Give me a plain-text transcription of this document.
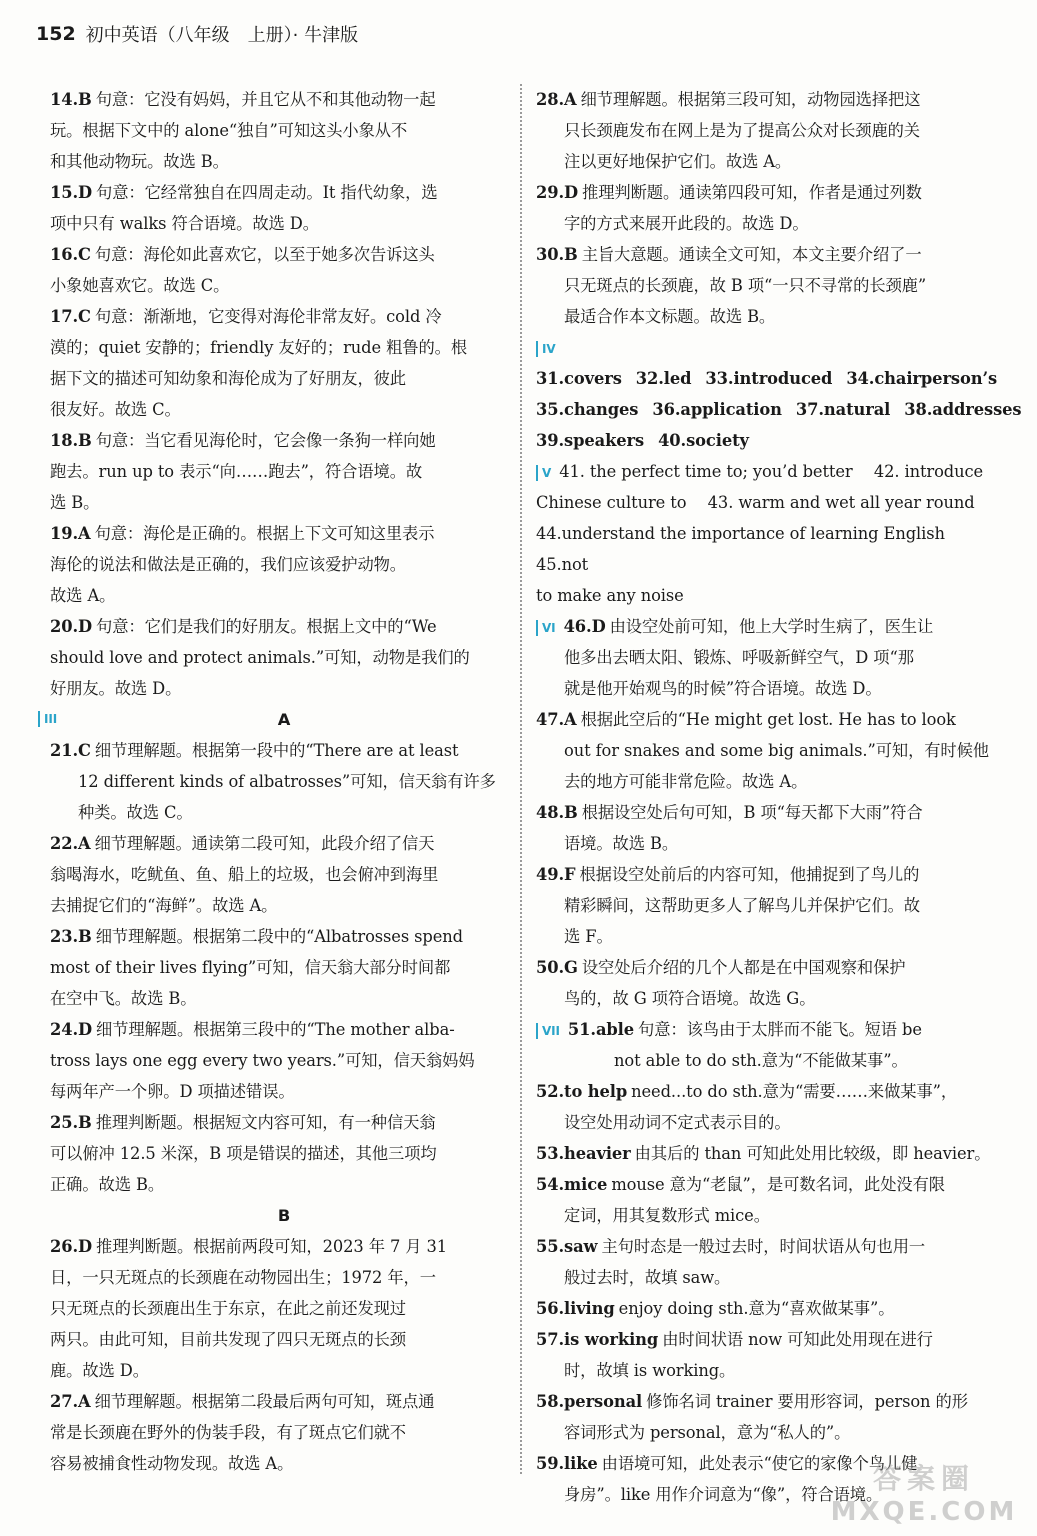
152 初中英语（八年级　上册）· 牛津版
14.B 句意：它没有妈妈，并且它从不和其他动物一起
玩。根据下文中的 alone“独自”可知这头小象从不
和其他动物玩。故选 B。
15.D 句意：它经常独自在四周走动。It 指代幼象，选
项中只有 walks 符合语境。故选 D。
16.C 句意：海伦如此喜欢它，以至于她多次告诉这头
小象她喜欢它。故选 C。
17.C 句意：渐渐地，它变得对海伦非常友好。cold 冷
漠的；quiet 安静的；friendly 友好的；rude 粗鲁的。根
据下文的描述可知幼象和海伦成为了好朋友，彼此
很友好。故选 C。
18.B 句意：当它看见海伦时，它会像一条狗一样向她
跑去。run up to 表示“向……跑去”，符合语境。故
选 B。
19.A 句意：海伦是正确的。根据上下文可知这里表示
海伦的说法和做法是正确的，我们应该爱护动物。
故选 A。
20.D 句意：它们是我们的好朋友。根据上文中的“We
should love and protect animals.”可知，动物是我们的
好朋友。故选 D。
III	A
21.C 细节理解题。根据第一段中的“There are at least
12 different kinds of albatrosses”可知，信天翁有许多
种类。故选 C。
22.A 细节理解题。通读第二段可知，此段介绍了信天
翁喝海水，吃鱿鱼、鱼、船上的垃圾，也会俯冲到海里
去捕捉它们的“海鲜”。故选 A。
23.B 细节理解题。根据第二段中的“Albatrosses spend
most of their lives flying”可知，信天翁大部分时间都
在空中飞。故选 B。
24.D 细节理解题。根据第三段中的“The mother alba-
tross lays one egg every two years.”可知，信天翁妈妈
每两年产一个卵。D 项描述错误。
25.B 推理判断题。根据短文内容可知，有一种信天翁
可以俯冲 12.5 米深，B 项是错误的描述，其他三项均
正确。故选 B。
B
26.D 推理判断题。根据前两段可知，2023 年 7 月 31
日，一只无斑点的长颈鹿在动物园出生；1972 年，一
只无斑点的长颈鹿出生于东京，在此之前还发现过
两只。由此可知，目前共发现了四只无斑点的长颈
鹿。故选 D。
27.A 细节理解题。根据第二段最后两句可知，斑点通
常是长颈鹿在野外的伪装手段，有了斑点它们就不
容易被捕食性动物发现。故选 A。
28.A 细节理解题。根据第三段可知，动物园选择把这
只长颈鹿发布在网上是为了提高公众对长颈鹿的关
注以更好地保护它们。故选 A。
29.D 推理判断题。通读第四段可知，作者是通过列数
字的方式来展开此段的。故选 D。
30.B 主旨大意题。通读全文可知，本文主要介绍了一
只无斑点的长颈鹿，故 B 项“一只不寻常的长颈鹿”
最适合作本文标题。故选 B。
IV31.covers 32.led 33.introduced 34.chairperson’s
35.changes 36.application 37.natural 38.addresses
39.speakers 40.society
V 41. the perfect time to; you’d better　 42. introduce
Chinese culture to　 43. warm and wet all year round
44.understand the importance of learning English　 45.not
to make any noise
VI 46.D 由设空处前可知，他上大学时生病了，医生让
他多出去晒太阳、锻炼、呼吸新鲜空气，D 项“那
就是他开始观鸟的时候”符合语境。故选 D。
47.A 根据此空后的“He might get lost. He has to look
out for snakes and some big animals.”可知，有时候他
去的地方可能非常危险。故选 A。
48.B 根据设空处后句可知，B 项“每天都下大雨”符合
语境。故选 B。
49.F 根据设空处前后的内容可知，他捕捉到了鸟儿的
精彩瞬间，这帮助更多人了解鸟儿并保护它们。故
选 F。
50.G 设空处后介绍的几个人都是在中国观察和保护
鸟的，故 G 项符合语境。故选 G。
VII 51.able 句意：该鸟由于太胖而不能飞。短语 be
not able to do sth.意为“不能做某事”。
52.to help need...to do sth.意为“需要……来做某事”，
设空处用动词不定式表示目的。
53.heavier 由其后的 than 可知此处用比较级，即 heavier。
54.mice mouse 意为“老鼠”，是可数名词，此处没有限
定词，用其复数形式 mice。
55.saw 主句时态是一般过去时，时间状语从句也用一
般过去时，故填 saw。
56.living enjoy doing sth.意为“喜欢做某事”。
57.is working 由时间状语 now 可知此处用现在进行
时，故填 is working。
58.personal 修饰名词 trainer 要用形容词，person 的形
容词形式为 personal，意为“私人的”。
59.like 由语境可知，此处表示“使它的家像个鸟儿健
身房”。like 用作介词意为“像”，符合语境。
答案圈
MXQE.COM
